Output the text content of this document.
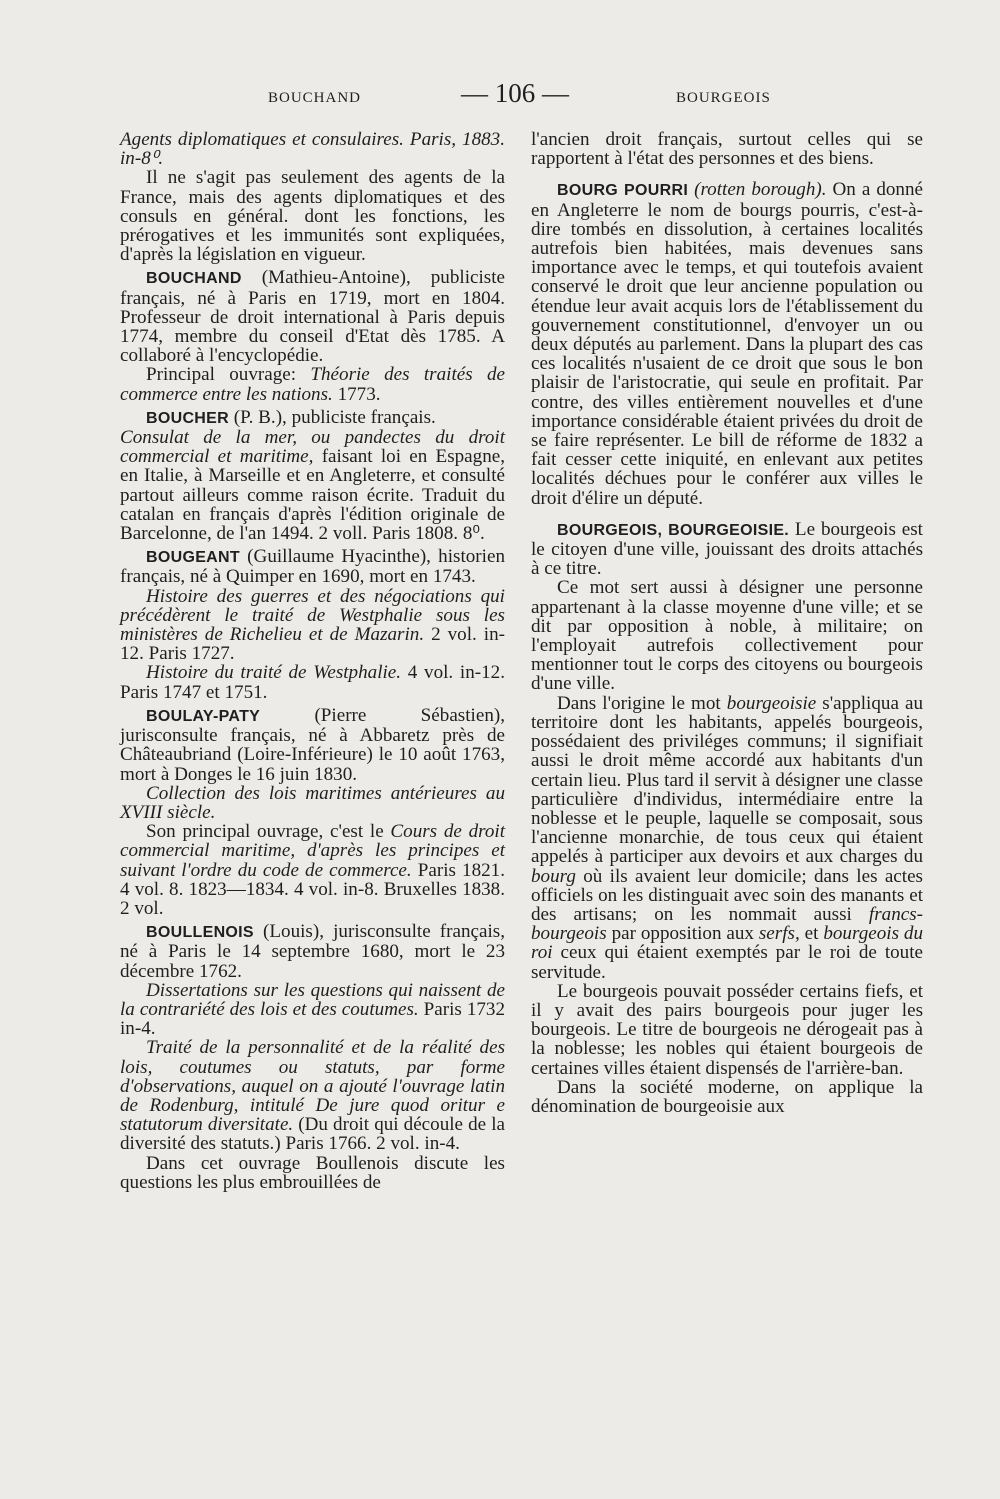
BOUCHAND	— 106 —	BOURGEOIS

Agents diplomatiques et consulaires. Paris, 1883. in-8⁰.

Il ne s'agit pas seulement des agents de la France, mais des agents diplomatiques et des consuls en général. dont les fonctions, les prérogatives et les immunités sont expliquées, d'après la législation en vigueur.

BOUCHAND (Mathieu-Antoine), publiciste français, né à Paris en 1719, mort en 1804. Professeur de droit international à Paris depuis 1774, membre du conseil d'Etat dès 1785. A collaboré à l'encyclopédie.

Principal ouvrage: Théorie des traités de commerce entre les nations. 1773.

BOUCHER (P. B.), publiciste français.

Consulat de la mer, ou pandectes du droit commercial et maritime, faisant loi en Espagne, en Italie, à Marseille et en Angleterre, et consulté partout ailleurs comme raison écrite. Traduit du catalan en français d'après l'édition originale de Barcelonne, de l'an 1494. 2 voll. Paris 1808. 8⁰.

BOUGEANT (Guillaume Hyacinthe), historien français, né à Quimper en 1690, mort en 1743.

Histoire des guerres et des négociations qui précédèrent le traité de Westphalie sous les ministères de Richelieu et de Mazarin. 2 vol. in-12. Paris 1727.

Histoire du traité de Westphalie. 4 vol. in-12. Paris 1747 et 1751.

BOULAY-PATY (Pierre Sébastien), jurisconsulte français, né à Abbaretz près de Châteaubriand (Loire-Inférieure) le 10 août 1763, mort à Donges le 16 juin 1830.

Collection des lois maritimes antérieures au XVIII siècle.

Son principal ouvrage, c'est le Cours de droit commercial maritime, d'après les principes et suivant l'ordre du code de commerce. Paris 1821. 4 vol. 8. 1823—1834. 4 vol. in-8. Bruxelles 1838. 2 vol.

BOULLENOIS (Louis), jurisconsulte français, né à Paris le 14 septembre 1680, mort le 23 décembre 1762.

Dissertations sur les questions qui naissent de la contrariété des lois et des coutumes. Paris 1732 in-4.

Traité de la personnalité et de la réalité des lois, coutumes ou statuts, par forme d'observations, auquel on a ajouté l'ouvrage latin de Rodenburg, intitulé De jure quod oritur e statutorum diversitate. (Du droit qui découle de la diversité des statuts.) Paris 1766. 2 vol. in-4.

Dans cet ouvrage Boullenois discute les questions les plus embrouillées de

l'ancien droit français, surtout celles qui se rapportent à l'état des personnes et des biens.

BOURG POURRI (rotten borough). On a donné en Angleterre le nom de bourgs pourris, c'est-à-dire tombés en dissolution, à certaines localités autrefois bien habitées, mais devenues sans importance avec le temps, et qui toutefois avaient conservé le droit que leur ancienne population ou étendue leur avait acquis lors de l'établissement du gouvernement constitutionnel, d'envoyer un ou deux députés au parlement. Dans la plupart des cas ces localités n'usaient de ce droit que sous le bon plaisir de l'aristocratie, qui seule en profitait. Par contre, des villes entièrement nouvelles et d'une importance considérable étaient privées du droit de se faire représenter. Le bill de réforme de 1832 a fait cesser cette iniquité, en enlevant aux petites localités déchues pour le conférer aux villes le droit d'élire un député.

BOURGEOIS, BOURGEOISIE. Le bourgeois est le citoyen d'une ville, jouissant des droits attachés à ce titre.

Ce mot sert aussi à désigner une personne appartenant à la classe moyenne d'une ville; et se dit par opposition à noble, à militaire; on l'employait autrefois collectivement pour mentionner tout le corps des citoyens ou bourgeois d'une ville.

Dans l'origine le mot bourgeoisie s'appliqua au territoire dont les habitants, appelés bourgeois, possédaient des priviléges communs; il signifiait aussi le droit même accordé aux habitants d'un certain lieu. Plus tard il servit à désigner une classe particulière d'individus, intermédiaire entre la noblesse et le peuple, laquelle se composait, sous l'ancienne monarchie, de tous ceux qui étaient appelés à participer aux devoirs et aux charges du bourg où ils avaient leur domicile; dans les actes officiels on les distinguait avec soin des manants et des artisans; on les nommait aussi francs-bourgeois par opposition aux serfs, et bourgeois du roi ceux qui étaient exemptés par le roi de toute servitude.

Le bourgeois pouvait posséder certains fiefs, et il y avait des pairs bourgeois pour juger les bourgeois. Le titre de bourgeois ne dérogeait pas à la noblesse; les nobles qui étaient bourgeois de certaines villes étaient dispensés de l'arrière-ban.

Dans la société moderne, on applique la dénomination de bourgeoisie aux
